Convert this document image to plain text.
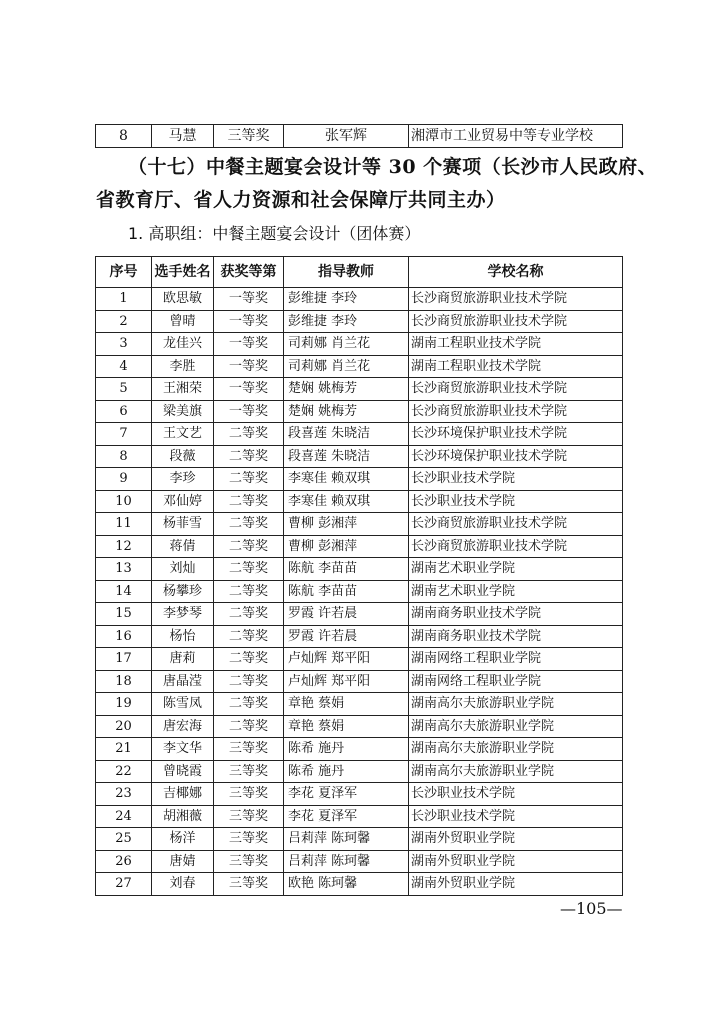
8	马慧	三等奖	张军辉	湘潭市工业贸易中等专业学校
（十七）中餐主题宴会设计等 30 个赛项（长沙市人民政府、
省教育厅、省人力资源和社会保障厅共同主办）
1. 高职组：中餐主题宴会设计（团体赛）
序号	选手姓名	获奖等第	指导教师	学校名称
1	欧思敏	一等奖	彭维捷 李玲	长沙商贸旅游职业技术学院
2	曾晴	一等奖	彭维捷 李玲	长沙商贸旅游职业技术学院
3	龙佳兴	一等奖	司莉娜 肖兰花	湖南工程职业技术学院
4	李胜	一等奖	司莉娜 肖兰花	湖南工程职业技术学院
5	王湘荣	一等奖	楚娴 姚梅芳	长沙商贸旅游职业技术学院
6	梁美旗	一等奖	楚娴 姚梅芳	长沙商贸旅游职业技术学院
7	王文艺	二等奖	段喜莲 朱晓洁	长沙环境保护职业技术学院
8	段薇	二等奖	段喜莲 朱晓洁	长沙环境保护职业技术学院
9	李珍	二等奖	李寒佳 赖双琪	长沙职业技术学院
10	邓仙婷	二等奖	李寒佳 赖双琪	长沙职业技术学院
11	杨菲雪	二等奖	曹柳 彭湘萍	长沙商贸旅游职业技术学院
12	蒋倩	二等奖	曹柳 彭湘萍	长沙商贸旅游职业技术学院
13	刘灿	二等奖	陈航 李苗苗	湖南艺术职业学院
14	杨攀珍	二等奖	陈航 李苗苗	湖南艺术职业学院
15	李梦琴	二等奖	罗霞 许若晨	湖南商务职业技术学院
16	杨怡	二等奖	罗霞 许若晨	湖南商务职业技术学院
17	唐莉	二等奖	卢灿辉 郑平阳	湖南网络工程职业学院
18	唐晶滢	二等奖	卢灿辉 郑平阳	湖南网络工程职业学院
19	陈雪凤	二等奖	章艳 蔡娟	湖南高尔夫旅游职业学院
20	唐宏海	二等奖	章艳 蔡娟	湖南高尔夫旅游职业学院
21	李文华	三等奖	陈希 施丹	湖南高尔夫旅游职业学院
22	曾晓霞	三等奖	陈希 施丹	湖南高尔夫旅游职业学院
23	吉椰娜	三等奖	李花 夏泽军	长沙职业技术学院
24	胡湘薇	三等奖	李花 夏泽军	长沙职业技术学院
25	杨洋	三等奖	吕莉萍 陈珂馨	湖南外贸职业学院
26	唐婧	三等奖	吕莉萍 陈珂馨	湖南外贸职业学院
27	刘春	三等奖	欧艳 陈珂馨	湖南外贸职业学院
—105—
